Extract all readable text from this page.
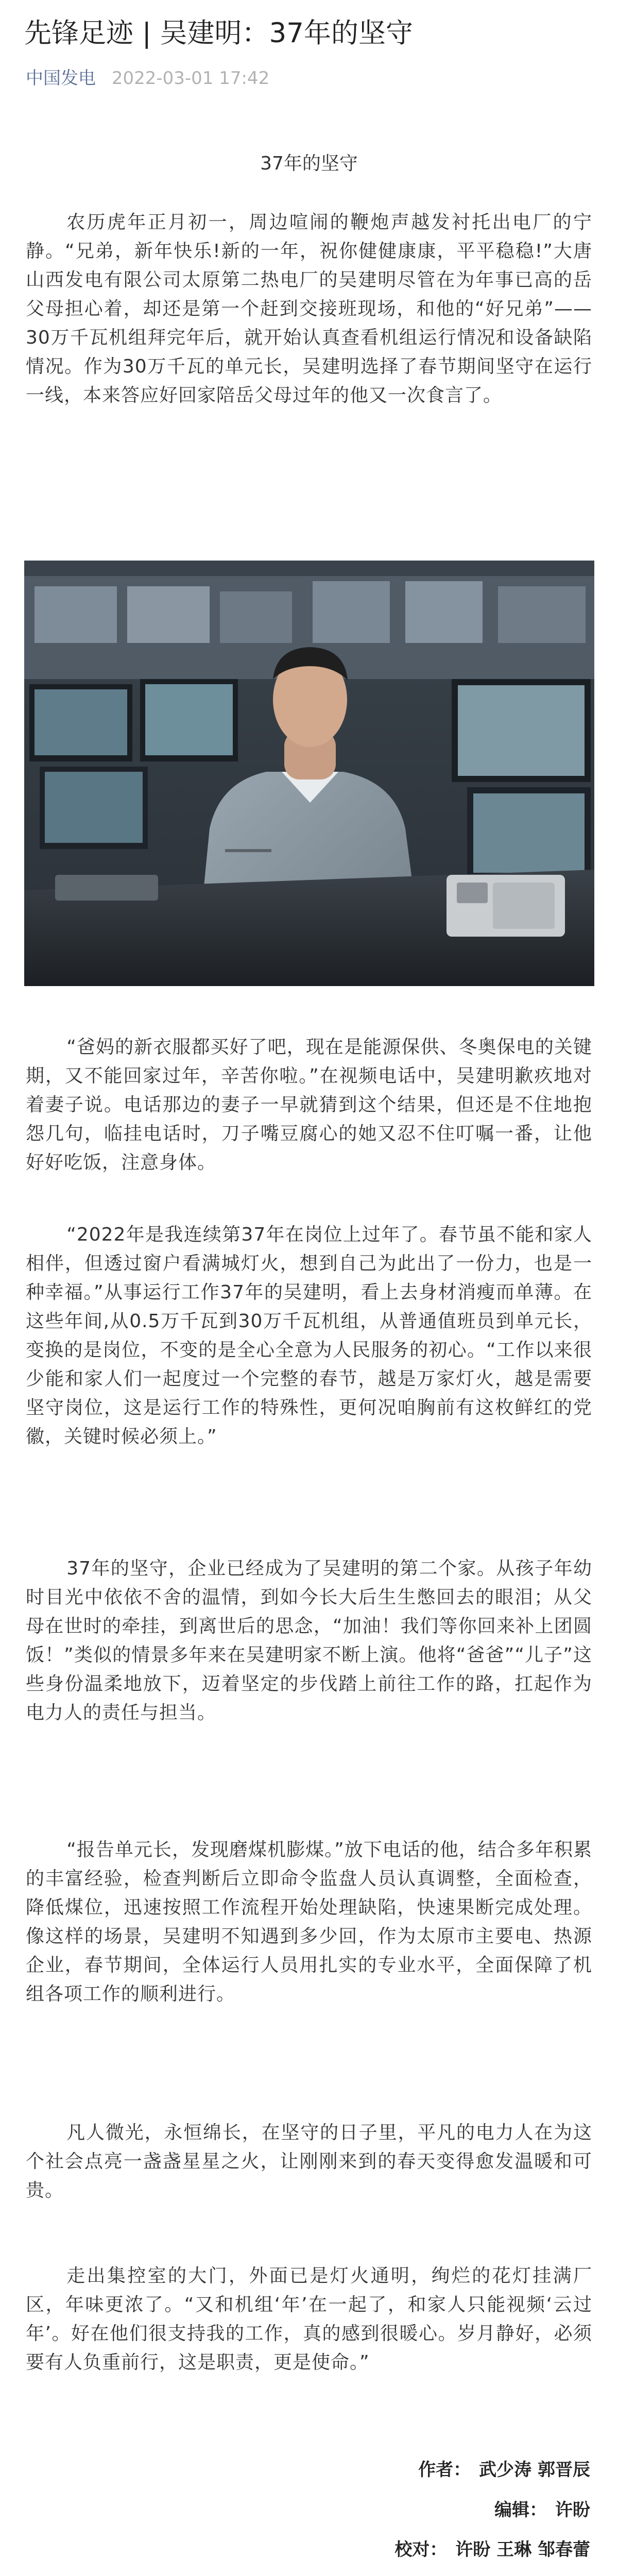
先锋足迹 | 吴建明：37年的坚守
中国发电 2022-03-01 17:42
37年的坚守

农历虎年正月初一，周边喧闹的鞭炮声越发衬托出电厂的宁静。“兄弟，新年快乐!新的一年，祝你健健康康，平平稳稳!”大唐山西发电有限公司太原第二热电厂的吴建明尽管在为年事已高的岳父母担心着，却还是第一个赶到交接班现场，和他的“好兄弟”——30万千瓦机组拜完年后，就开始认真查看机组运行情况和设备缺陷情况。作为30万千瓦的单元长，吴建明选择了春节期间坚守在运行一线，本来答应好回家陪岳父母过年的他又一次食言了。

“爸妈的新衣服都买好了吧，现在是能源保供、冬奥保电的关键期，又不能回家过年，辛苦你啦。”在视频电话中，吴建明歉疚地对着妻子说。电话那边的妻子一早就猜到这个结果，但还是不住地抱怨几句，临挂电话时，刀子嘴豆腐心的她又忍不住叮嘱一番，让他好好吃饭，注意身体。

“2022年是我连续第37年在岗位上过年了。春节虽不能和家人相伴，但透过窗户看满城灯火，想到自己为此出了一份力，也是一种幸福。”从事运行工作37年的吴建明，看上去身材消瘦而单薄。在这些年间,从0.5万千瓦到30万千瓦机组，从普通值班员到单元长，变换的是岗位，不变的是全心全意为人民服务的初心。“工作以来很少能和家人们一起度过一个完整的春节，越是万家灯火，越是需要坚守岗位，这是运行工作的特殊性，更何况咱胸前有这枚鲜红的党徽，关键时候必须上。”

37年的坚守，企业已经成为了吴建明的第二个家。从孩子年幼时目光中依依不舍的温情，到如今长大后生生憋回去的眼泪；从父母在世时的牵挂，到离世后的思念，“加油！我们等你回来补上团圆饭！”类似的情景多年来在吴建明家不断上演。他将“爸爸”“儿子”这些身份温柔地放下，迈着坚定的步伐踏上前往工作的路，扛起作为电力人的责任与担当。

“报告单元长，发现磨煤机膨煤。”放下电话的他，结合多年积累的丰富经验，检查判断后立即命令监盘人员认真调整，全面检查，降低煤位，迅速按照工作流程开始处理缺陷，快速果断完成处理。像这样的场景，吴建明不知遇到多少回，作为太原市主要电、热源企业，春节期间，全体运行人员用扎实的专业水平，全面保障了机组各项工作的顺利进行。

凡人微光，永恒绵长，在坚守的日子里，平凡的电力人在为这个社会点亮一盏盏星星之火，让刚刚来到的春天变得愈发温暖和可贵。

走出集控室的大门，外面已是灯火通明，绚烂的花灯挂满厂区，年味更浓了。“又和机组‘年’在一起了，和家人只能视频‘云过年’。好在他们很支持我的工作，真的感到很暖心。岁月静好，必须要有人负重前行，这是职责，更是使命。”

作者： 武少涛 郭晋辰
编辑： 许盼
校对： 许盼 王琳 邹春蕾
